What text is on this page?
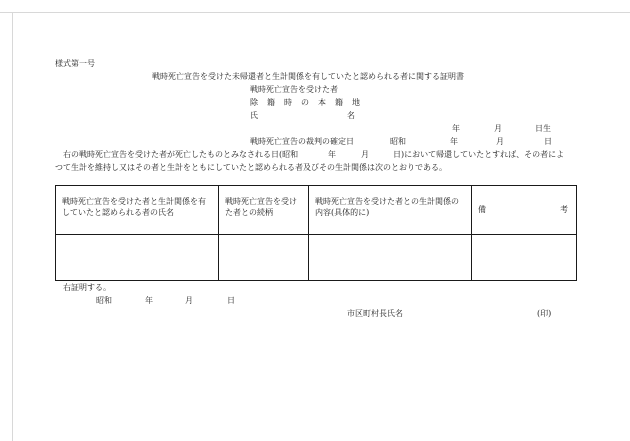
様式第一号
戦時死亡宣告を受けた未帰還者と生計関係を有していたと認められる者に関する証明書
戦時死亡宣告を受けた者
除 籍 時 の 本 籍 地
氏	名
年	月	日生
戦時死亡宣告の裁判の確定日	昭和	年	月	日
右の戦時死亡宣告を受けた者が死亡したものとみなされる日(昭和	年	月	日)において帰還していたとすれば、その者によ
つて生計を維持し又はその者と生計をともにしていたと認められる者及びその生計関係は次のとおりである。
戦時死亡宣告を受けた者と生計関係を有していたと認められる者の氏名	戦時死亡宣告を受けた者との続柄	戦時死亡宣告を受けた者との生計関係の内容(具体的に)	備 考

右証明する。
昭和	年	月	日
市区町村長氏名	(印)
